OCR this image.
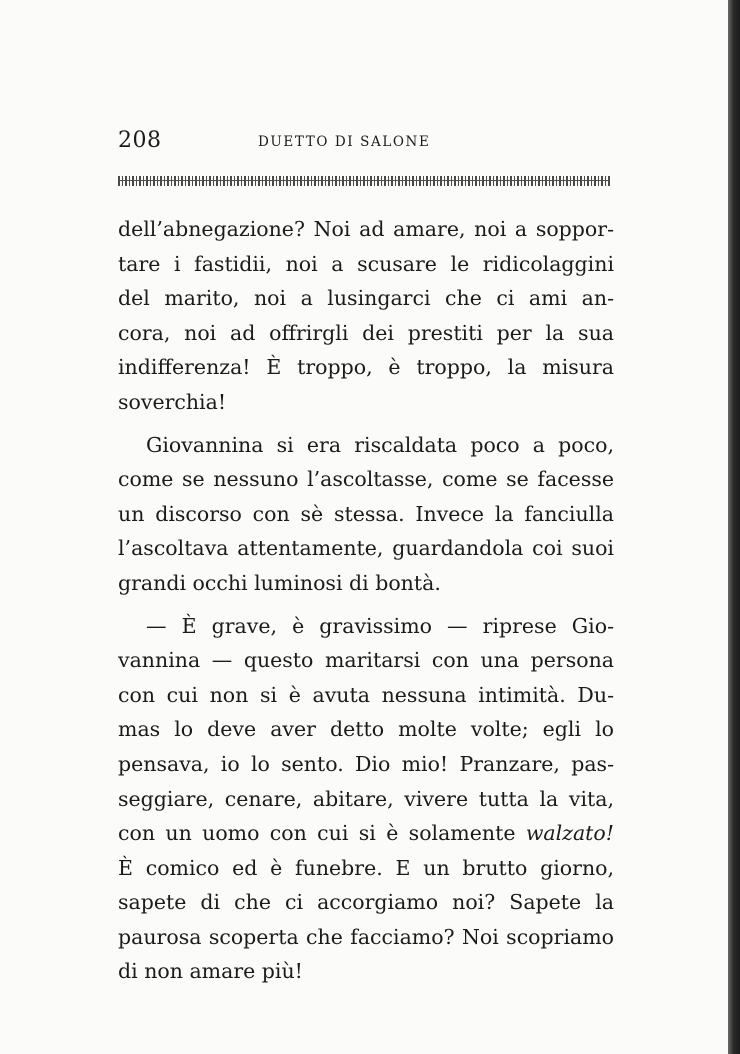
208	DUETTO DI SALONE
dell’abnegazione? Noi ad amare, noi a soppor-
tare i fastidii, noi a scusare le ridicolaggini
del marito, noi a lusingarci che ci ami an-
cora, noi ad offrirgli dei prestiti per la sua
indifferenza! È troppo, è troppo, la misura
soverchia!
Giovannina si era riscaldata poco a poco,
come se nessuno l’ascoltasse, come se facesse
un discorso con sè stessa. Invece la fanciulla
l’ascoltava attentamente, guardandola coi suoi
grandi occhi luminosi di bontà.
— È grave, è gravissimo — riprese Gio-
vannina — questo maritarsi con una persona
con cui non si è avuta nessuna intimità. Du-
mas lo deve aver detto molte volte; egli lo
pensava, io lo sento. Dio mio! Pranzare, pas-
seggiare, cenare, abitare, vivere tutta la vita,
con un uomo con cui si è solamente walzato!
È comico ed è funebre. E un brutto giorno,
sapete di che ci accorgiamo noi? Sapete la
paurosa scoperta che facciamo? Noi scopriamo
di non amare più!
